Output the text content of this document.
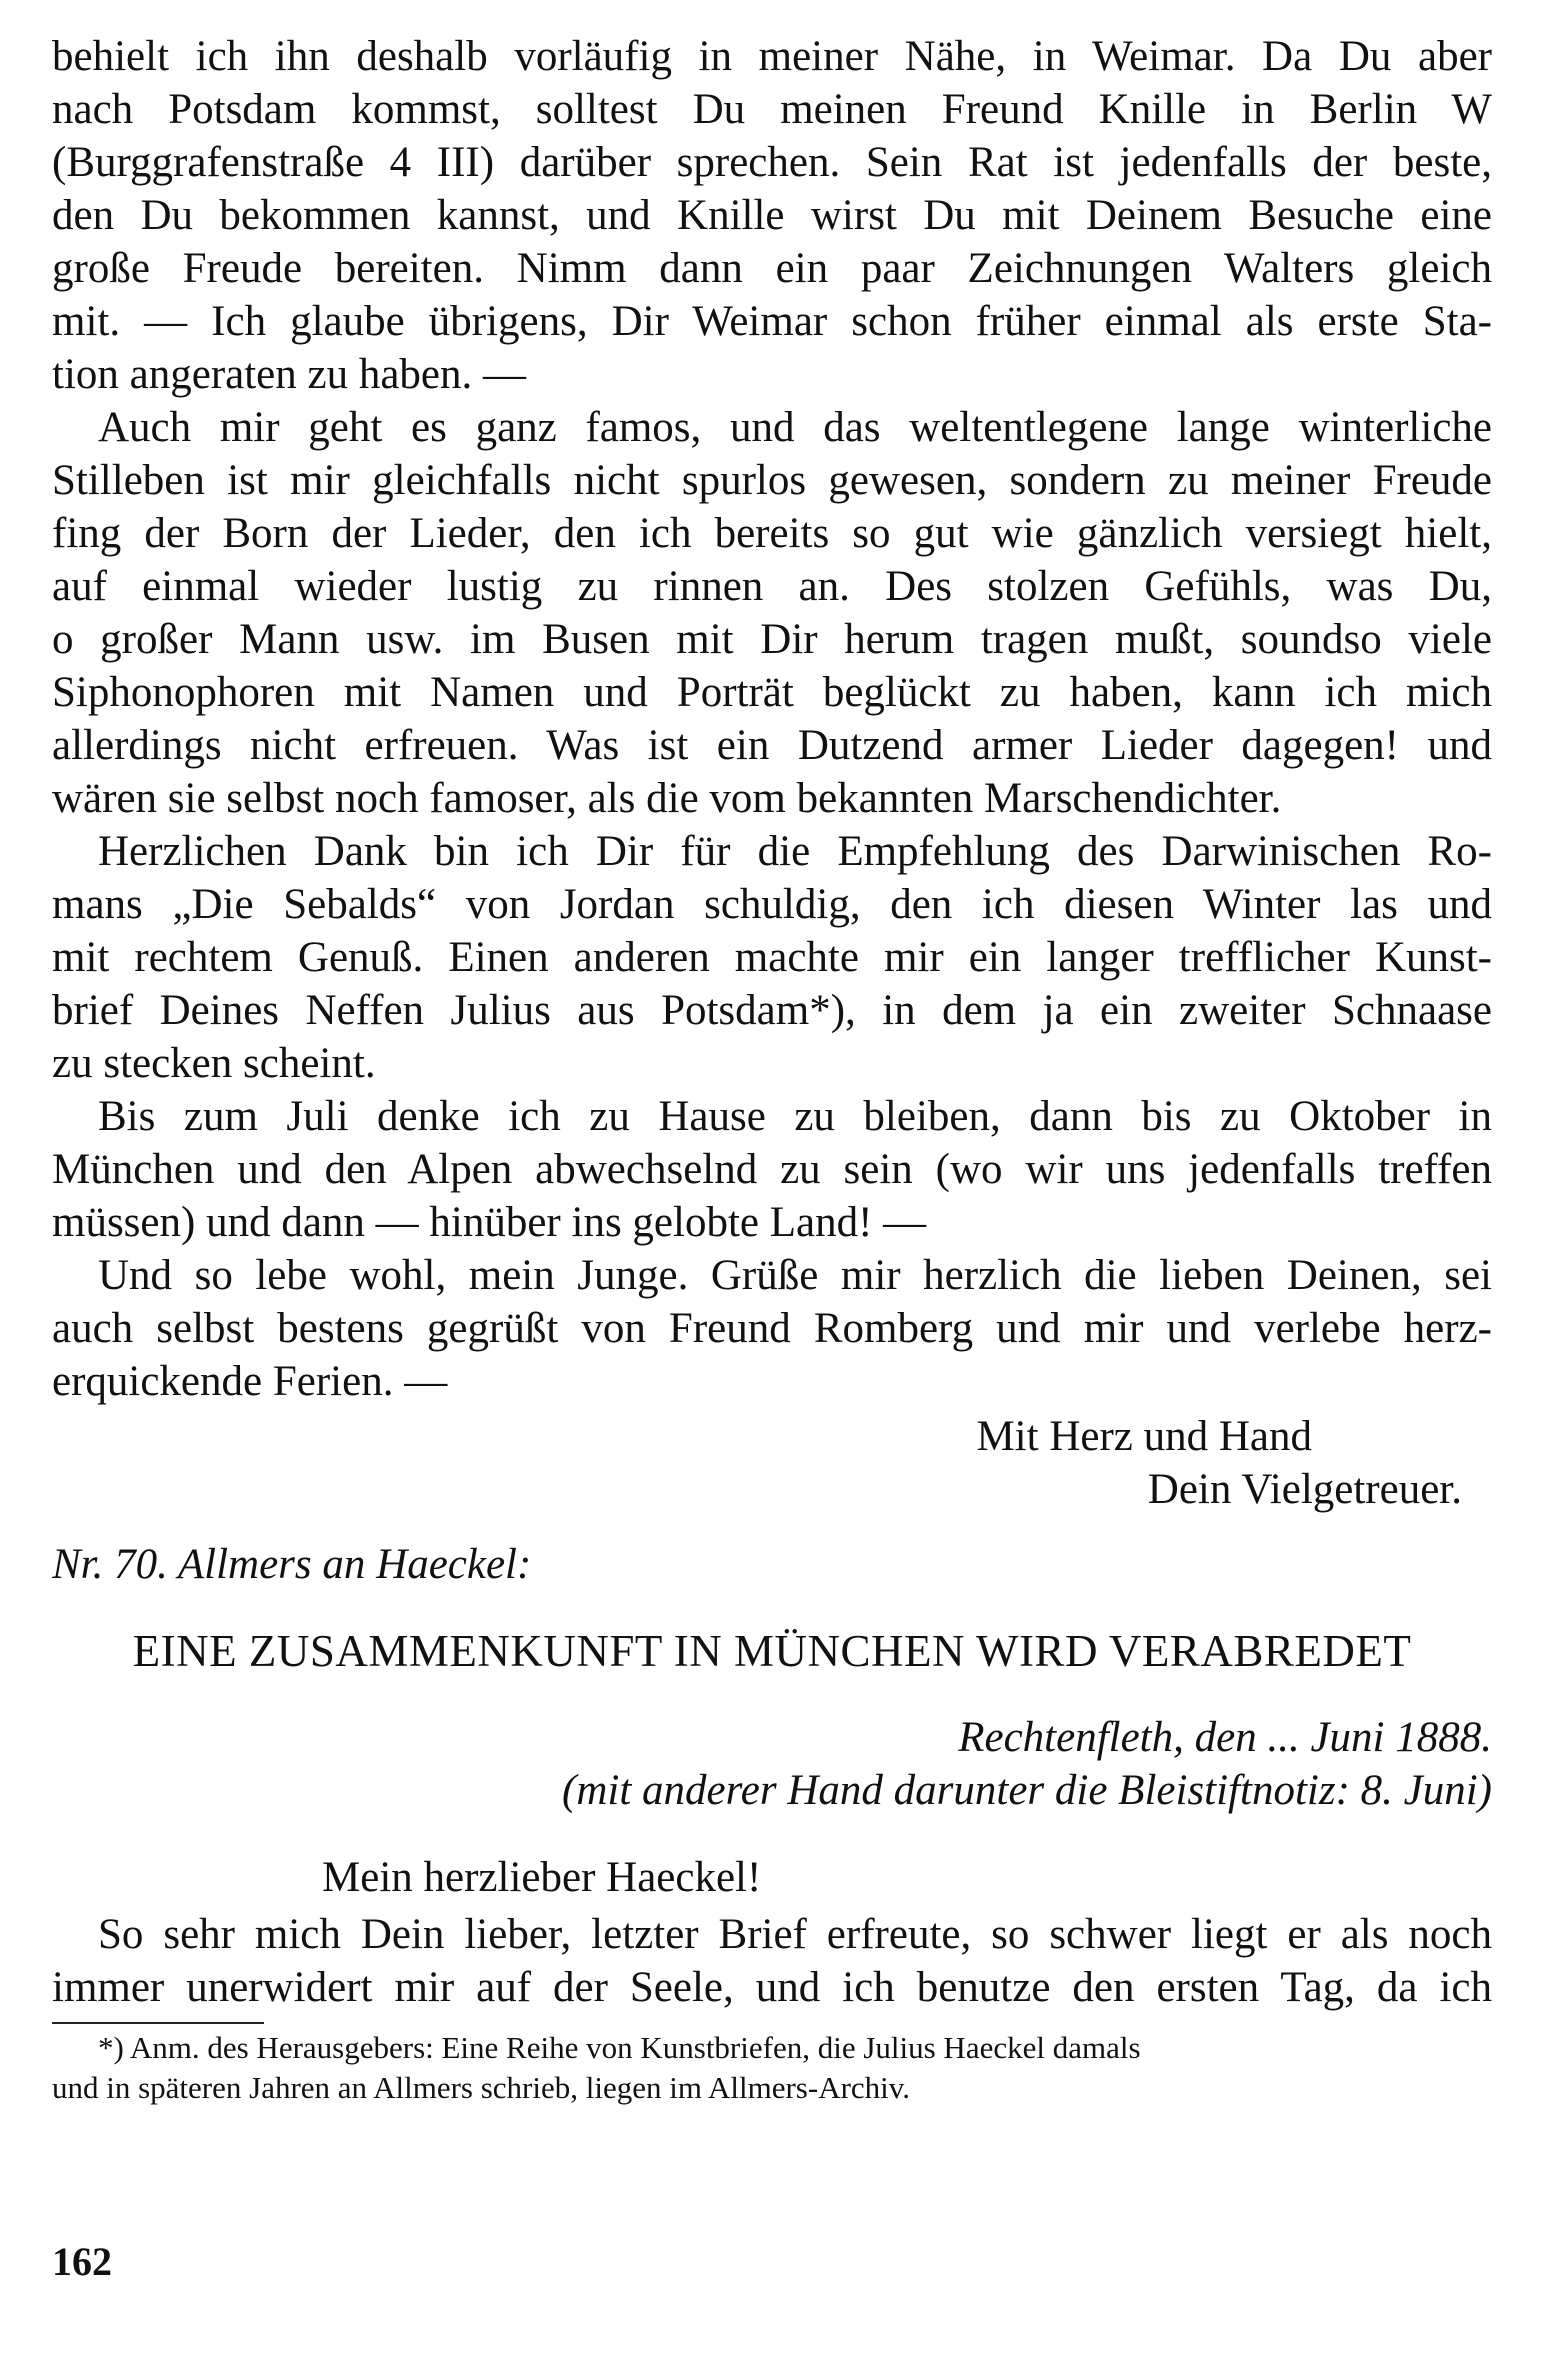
behielt ich ihn deshalb vorläufig in meiner Nähe, in Weimar. Da Du aber

nach Potsdam kommst, solltest Du meinen Freund Knille in Berlin W

(Burggrafenstraße 4 III) darüber sprechen. Sein Rat ist jedenfalls der beste,

den Du bekommen kannst, und Knille wirst Du mit Deinem Besuche eine

große Freude bereiten. Nimm dann ein paar Zeichnungen Walters gleich

mit. — Ich glaube übrigens, Dir Weimar schon früher einmal als erste Sta-

tion angeraten zu haben. —

Auch mir geht es ganz famos, und das weltentlegene lange winterliche

Stilleben ist mir gleichfalls nicht spurlos gewesen, sondern zu meiner Freude

fing der Born der Lieder, den ich bereits so gut wie gänzlich versiegt hielt,

auf einmal wieder lustig zu rinnen an. Des stolzen Gefühls, was Du,

o großer Mann usw. im Busen mit Dir herum tragen mußt, soundso viele

Siphonophoren mit Namen und Porträt beglückt zu haben, kann ich mich

allerdings nicht erfreuen. Was ist ein Dutzend armer Lieder dagegen! und

wären sie selbst noch famoser, als die vom bekannten Marschendichter.

Herzlichen Dank bin ich Dir für die Empfehlung des Darwinischen Ro-

mans „Die Sebalds“ von Jordan schuldig, den ich diesen Winter las und

mit rechtem Genuß. Einen anderen machte mir ein langer trefflicher Kunst-

brief Deines Neffen Julius aus Potsdam*), in dem ja ein zweiter Schnaase

zu stecken scheint.

Bis zum Juli denke ich zu Hause zu bleiben, dann bis zu Oktober in

München und den Alpen abwechselnd zu sein (wo wir uns jedenfalls treffen

müssen) und dann — hinüber ins gelobte Land! —

Und so lebe wohl, mein Junge. Grüße mir herzlich die lieben Deinen, sei

auch selbst bestens gegrüßt von Freund Romberg und mir und verlebe herz-

erquickende Ferien. —

Mit Herz und Hand

Dein Vielgetreuer.

Nr. 70. Allmers an Haeckel:
EINE ZUSAMMENKUNFT IN MÜNCHEN WIRD VERABREDET
Rechtenfleth, den ... Juni 1888.
(mit anderer Hand darunter die Bleistiftnotiz: 8. Juni)
Mein herzlieber Haeckel!

So sehr mich Dein lieber, letzter Brief erfreute, so schwer liegt er als noch

immer unerwidert mir auf der Seele, und ich benutze den ersten Tag, da ich

*) Anm. des Herausgebers: Eine Reihe von Kunstbriefen, die Julius Haeckel damals
und in späteren Jahren an Allmers schrieb, liegen im Allmers-Archiv.
162
